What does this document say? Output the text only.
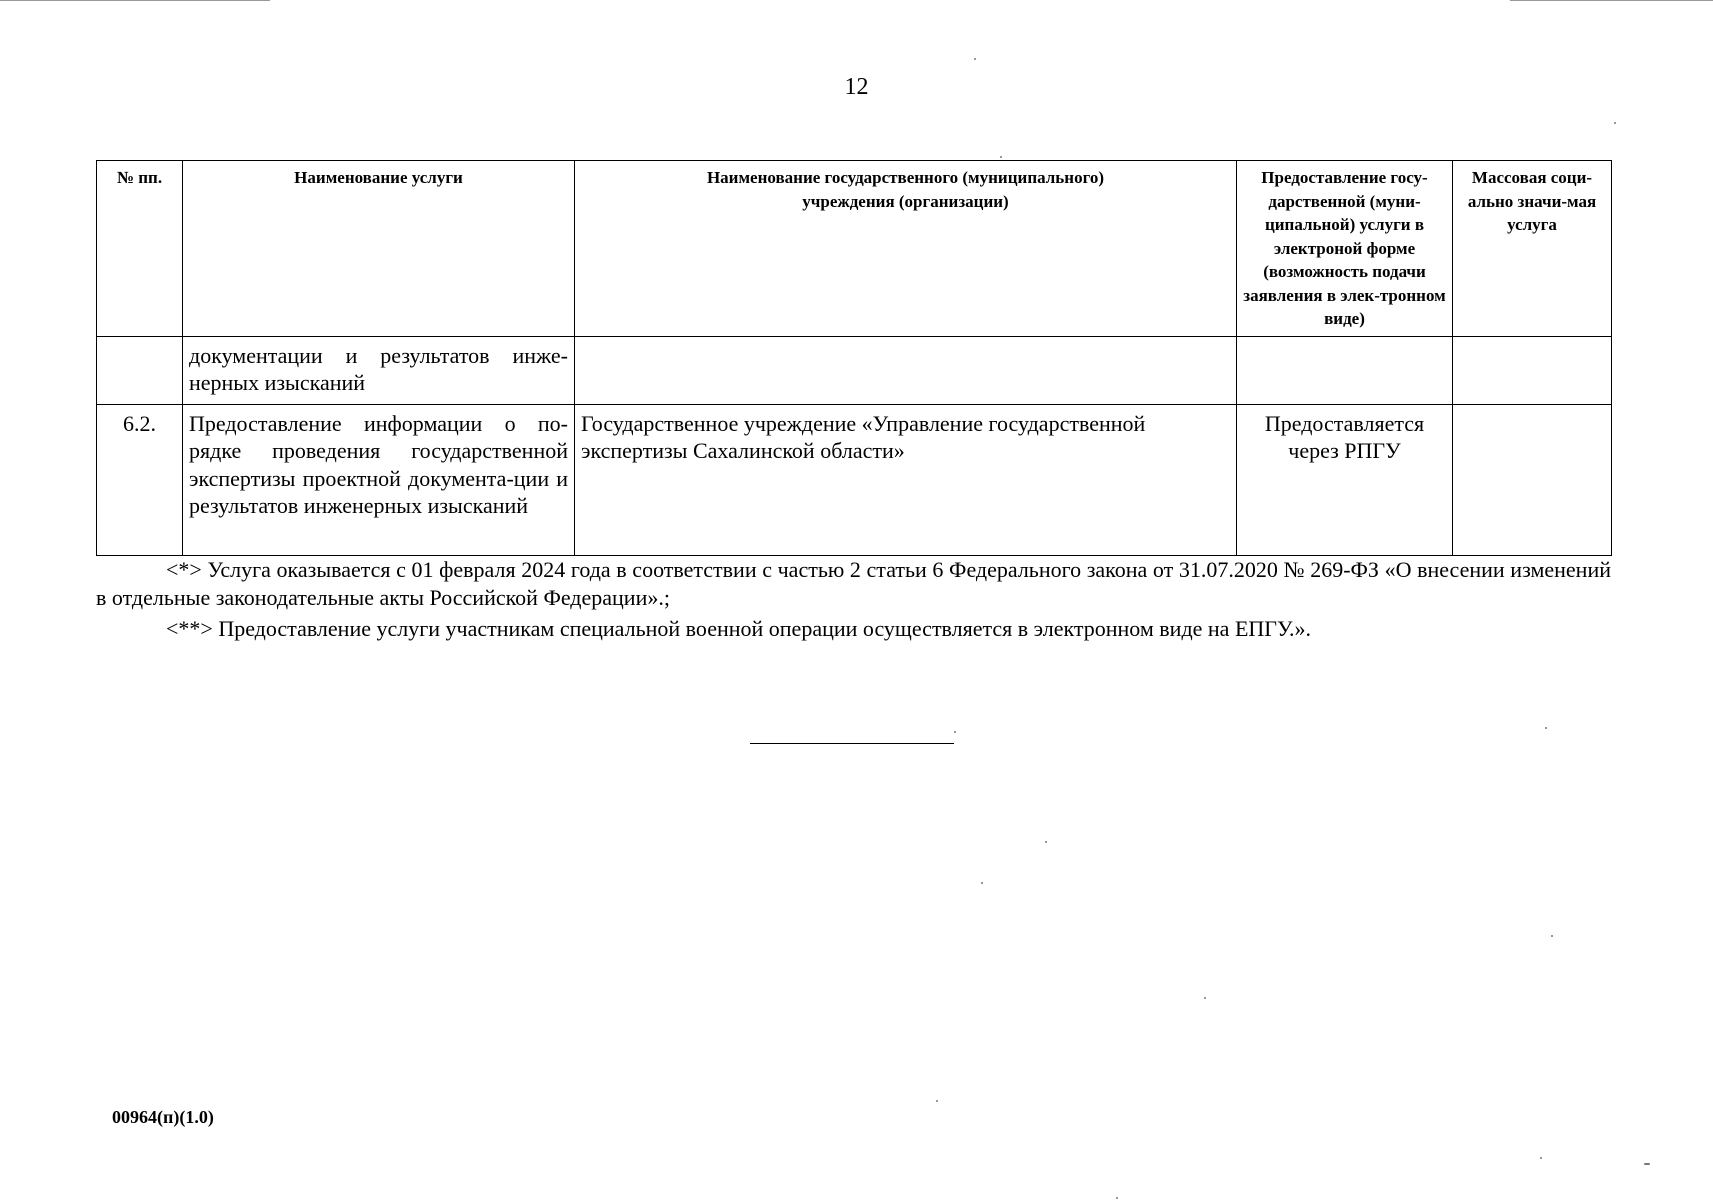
12
№ пп.	Наименование услуги	Наименование государственного (муниципального) учреждения (организации)	Предоставление госу-дарственной (муни-ципальной) услуги в электроной форме (возможность подачи заявления в элек-тронном виде)	Массовая соци-ально значи-мая услуга
	документации и результатов инже-нерных изысканий			
6.2.	Предоставление информации о по-рядке проведения государственной экспертизы проектной документа-ции и результатов инженерных изысканий	Государственное учреждение «Управление государственной экспертизы Сахалинской области»	Предоставляется через РПГУ	
<*> Услуга оказывается с 01 февраля 2024 года в соответствии с частью 2 статьи 6 Федерального закона от 31.07.2020 № 269-ФЗ «О внесении изменений в отдельные законодательные акты Российской Федерации».;
<**> Предоставление услуги участникам специальной военной операции осуществляется в электронном виде на ЕПГУ.».
00964(п)(1.0)
